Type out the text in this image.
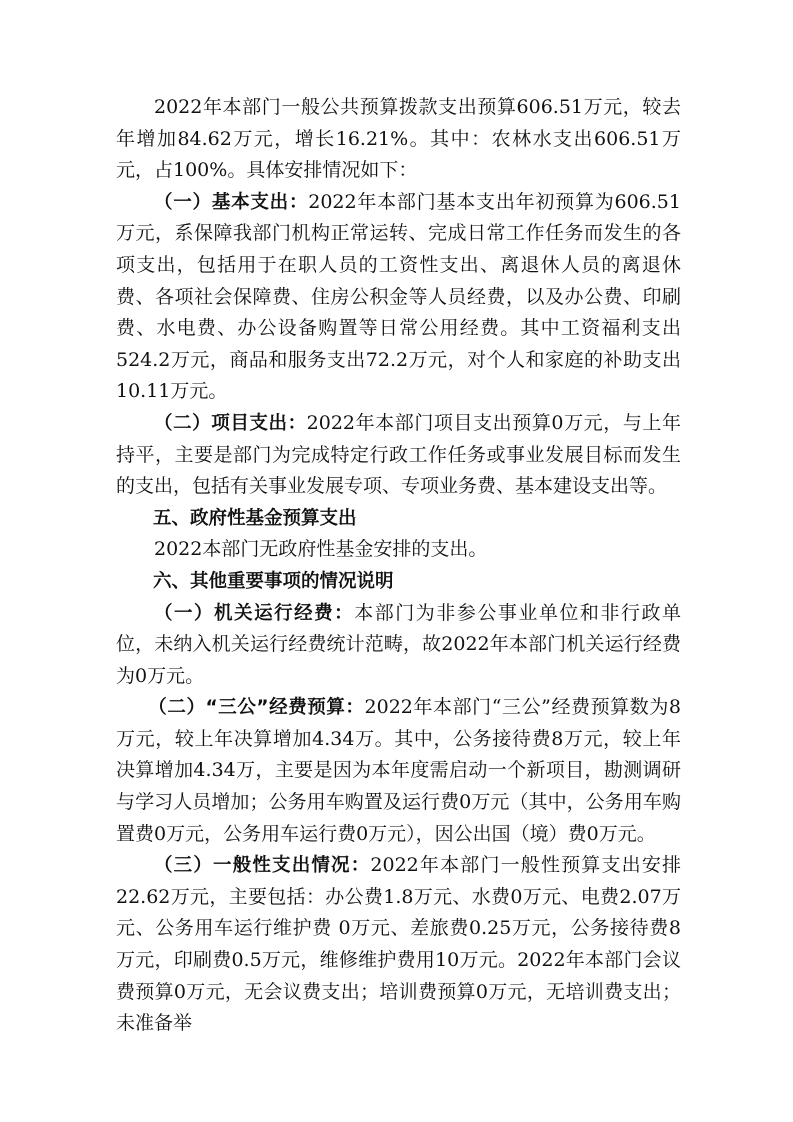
2022年本部门一般公共预算拨款支出预算606.51万元，较去年增加84.62万元，增长16.21%。其中：农林水支出606.51万元，占100%。具体安排情况如下：

（一）基本支出：2022年本部门基本支出年初预算为606.51万元，系保障我部门机构正常运转、完成日常工作任务而发生的各项支出，包括用于在职人员的工资性支出、离退休人员的离退休费、各项社会保障费、住房公积金等人员经费，以及办公费、印刷费、水电费、办公设备购置等日常公用经费。其中工资福利支出524.2万元，商品和服务支出72.2万元，对个人和家庭的补助支出10.11万元。

（二）项目支出：2022年本部门项目支出预算0万元，与上年持平，主要是部门为完成特定行政工作任务或事业发展目标而发生的支出，包括有关事业发展专项、专项业务费、基本建设支出等。

五、政府性基金预算支出

2022本部门无政府性基金安排的支出。

六、其他重要事项的情况说明

（一）机关运行经费：本部门为非参公事业单位和非行政单位，未纳入机关运行经费统计范畴，故2022年本部门机关运行经费为0万元。

（二）“三公”经费预算：2022年本部门“三公”经费预算数为8万元，较上年决算增加4.34万。其中，公务接待费8万元，较上年决算增加4.34万，主要是因为本年度需启动一个新项目，勘测调研与学习人员增加；公务用车购置及运行费0万元（其中，公务用车购置费0万元，公务用车运行费0万元），因公出国（境）费0万元。

（三）一般性支出情况：2022年本部门一般性预算支出安排22.62万元，主要包括：办公费1.8万元、水费0万元、电费2.07万元、公务用车运行维护费 0万元、差旅费0.25万元，公务接待费8万元，印刷费0.5万元，维修维护费用10万元。2022年本部门会议费预算0万元，无会议费支出；培训费预算0万元，无培训费支出；未准备举
